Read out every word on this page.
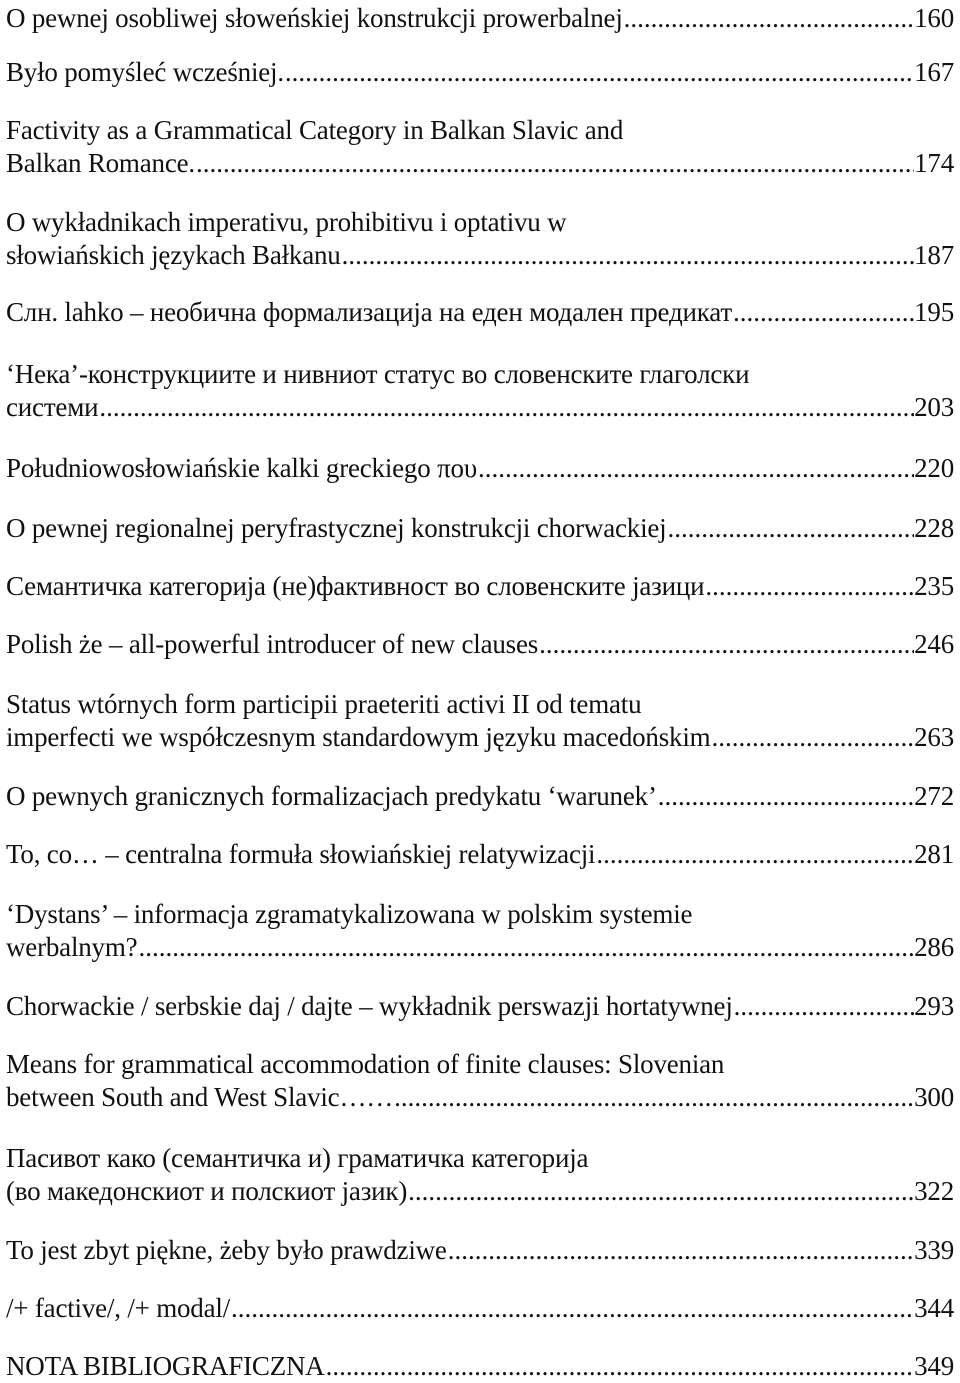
O pewnej osobliwej słoweńskiej konstrukcji prowerbalnej .....	160
Było pomyśleć wcześniej. .....	167
Factivity as a Grammatical Category in Balkan Slavic and
Balkan Romance. .....	174
O wykładnikach imperativu, prohibitivu i optativu w
słowiańskich językach Bałkanu .....	187
Слн. lahko – необична формализација на еден модален предикат .....	195
‘Нека’-конструкциите и нивниот статус во словенските глаголски
системи .....	203
Południowosłowiańskie kalki greckiego που .....	220
O pewnej regionalnej peryfrastycznej konstrukcji chorwackiej .....	228
Семантичка категорија (не)фактивност во словенските јазици .....	235
Polish że – all-powerful introducer of new clauses .....	246
Status wtórnych form participii praeteriti activi II od tematu
imperfecti we współczesnym standardowym języku macedońskim .....	263
O pewnych granicznych formalizacjach predykatu ‘warunek’ .....	272
To, co… – centralna formuła słowiańskiej relatywizacji .....	281
‘Dystans’ – informacja zgramatykalizowana w polskim systemie
werbalnym? .....	286
Chorwackie / serbskie daj / dajte – wykładnik perswazji hortatywnej .....	293
Means for grammatical accommodation of finite clauses: Slovenian
between South and West Slavic…… .....	300
Пасивот како (семантичка и) граматичка категорија
(во македонскиот и полскиот јазик) .....	322
To jest zbyt piękne, żeby było prawdziwe .....	339
/+ factive/, /+ modal/ .....	344
NOTA BIBLIOGRAFICZNA .....	349
